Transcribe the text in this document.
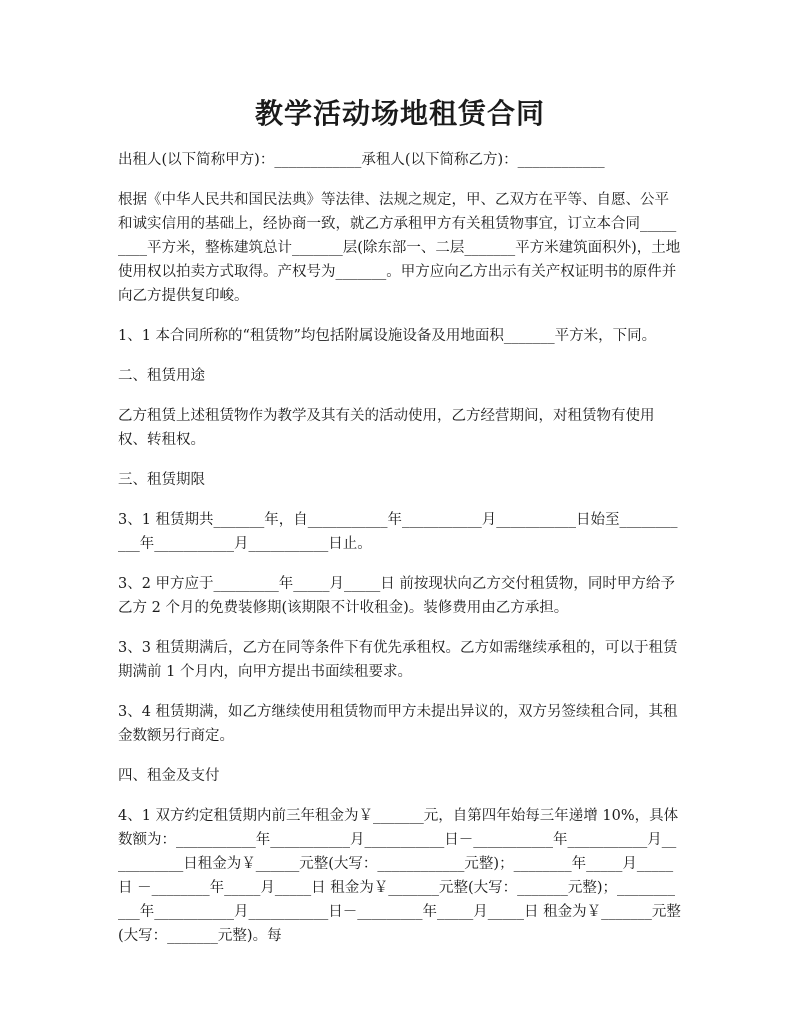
教学活动场地租赁合同

出租人(以下简称甲方)：____________承租人(以下简称乙方)：____________

根据《中华人民共和国民法典》等法律、法规之规定，甲、乙双方在平等、自愿、公平和诚实信用的基础上，经协商一致，就乙方承租甲方有关租赁物事宜，订立本合同_________平方米，整栋建筑总计_______层(除东部一、二层_______平方米建筑面积外)，土地使用权以拍卖方式取得。产权号为_______。甲方应向乙方出示有关产权证明书的原件并向乙方提供复印峻。

1、1 本合同所称的“租赁物”均包括附属设施设备及用地面积_______平方米，下同。

二、租赁用途

乙方租赁上述租赁物作为教学及其有关的活动使用，乙方经营期间，对租赁物有使用权、转租权。

三、租赁期限

3、1 租赁期共_______年，自___________年___________月___________日始至___________年___________月___________日止。

3、2 甲方应于_________年_____月_____日 前按现状向乙方交付租赁物，同时甲方给予乙方 2 个月的免费装修期(该期限不计收租金)。装修费用由乙方承担。

3、3 租赁期满后，乙方在同等条件下有优先承租权。乙方如需继续承租的，可以于租赁期满前 1 个月内，向甲方提出书面续租要求。

3、4 租赁期满，如乙方继续使用租赁物而甲方未提出异议的，双方另签续租合同，其租金数额另行商定。

四、租金及支付

4、1 双方约定租赁期内前三年租金为￥_______元，自第四年始每三年递增 10%，具体数额为：___________年___________月___________日－___________年___________月___________日租金为￥______元整(大写：____________元整)；________年_____月_____日 －________年_____月_____日 租金为￥_______元整(大写：_______元整)；___________年___________月___________日－_________年_____月_____日 租金为￥_______元整(大写：_______元整)。每
